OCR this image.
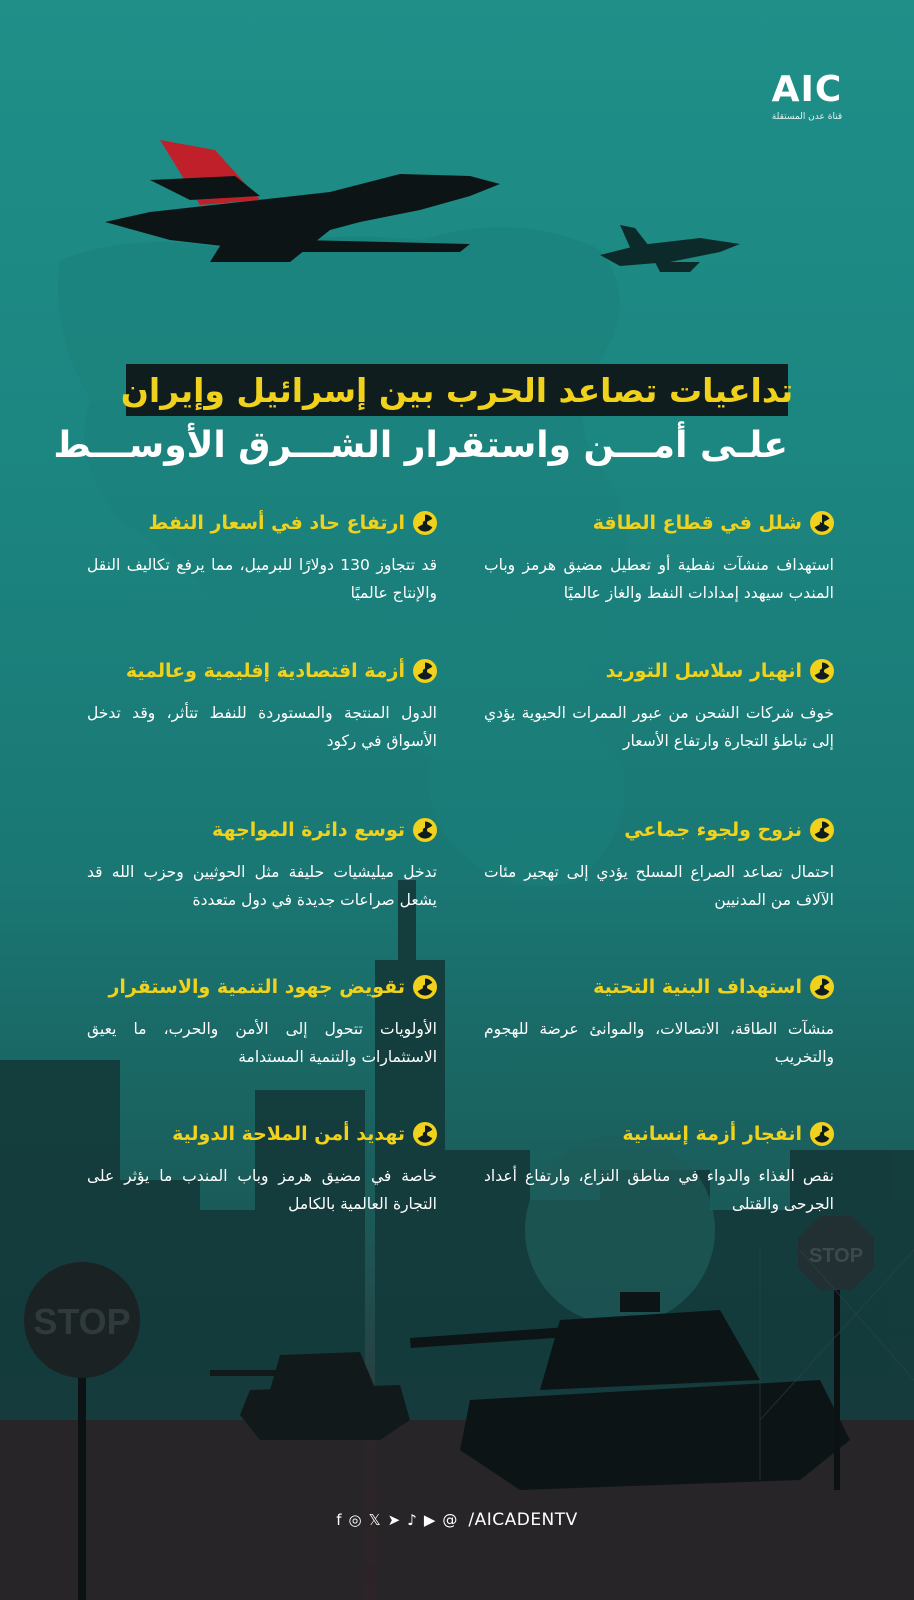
STOP
STOP
AIC
قناة عدن المستقلة
تداعيات تصاعد الحرب بين إسرائيل وإيران
علـى أمـــن واستقرار الشـــرق الأوســـط
شلل في قطاع الطاقة
استهداف منشآت نفطية أو تعطيل مضيق هرمز وباب المندب سيهدد إمدادات النفط والغاز عالميًا
انهيار سلاسل التوريد
خوف شركات الشحن من عبور الممرات الحيوية يؤدي إلى تباطؤ التجارة وارتفاع الأسعار
نزوح ولجوء جماعي
احتمال تصاعد الصراع المسلح يؤدي إلى تهجير مئات الآلاف من المدنيين
استهداف البنية التحتية
منشآت الطاقة، الاتصالات، والموانئ عرضة للهجوم والتخريب
انفجار أزمة إنسانية
نقص الغذاء والدواء في مناطق النزاع، وارتفاع أعداد الجرحى والقتلى
ارتفاع حاد في أسعار النفط
قد تتجاوز 130 دولارًا للبرميل، مما يرفع تكاليف النقل والإنتاج عالميًا
أزمة اقتصادية إقليمية وعالمية
الدول المنتجة والمستوردة للنفط تتأثر، وقد تدخل الأسواق في ركود
توسع دائرة المواجهة
تدخل ميليشيات حليفة مثل الحوثيين وحزب الله قد يشعل صراعات جديدة في دول متعددة
تقويض جهود التنمية والاستقرار
الأولويات تتحول إلى الأمن والحرب، ما يعيق الاستثمارات والتنمية المستدامة
تهديد أمن الملاحة الدولية
خاصة في مضيق هرمز وباب المندب ما يؤثر على التجارة العالمية بالكامل
f ◎ 𝕏 ➤ ♪ ▶ @ /AICADENTV
